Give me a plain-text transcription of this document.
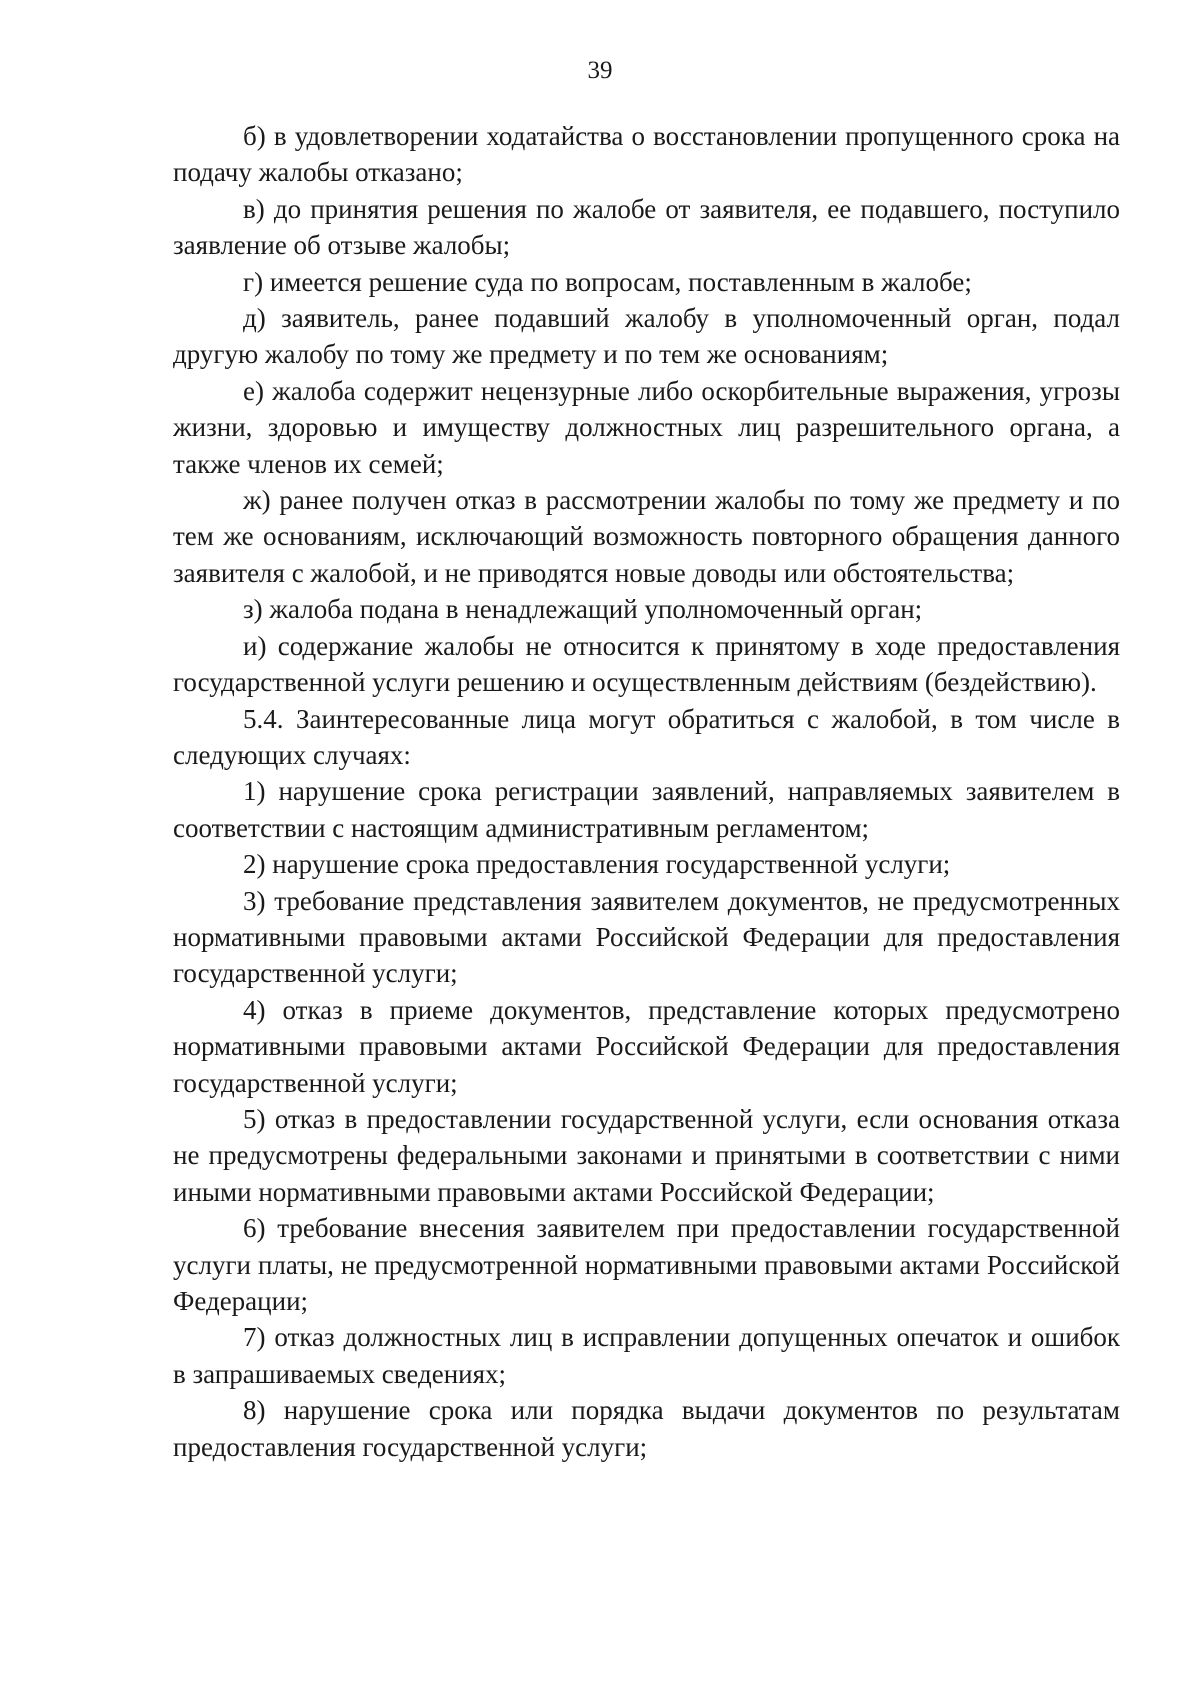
39

б) в удовлетворении ходатайства о восстановлении пропущенного срока на подачу жалобы отказано;

в) до принятия решения по жалобе от заявителя, ее подавшего, поступило заявление об отзыве жалобы;

г) имеется решение суда по вопросам, поставленным в жалобе;

д) заявитель, ранее подавший жалобу в уполномоченный орган, подал другую жалобу по тому же предмету и по тем же основаниям;

е) жалоба содержит нецензурные либо оскорбительные выражения, угрозы жизни, здоровью и имуществу должностных лиц разрешительного органа, а также членов их семей;

ж) ранее получен отказ в рассмотрении жалобы по тому же предмету и по тем же основаниям, исключающий возможность повторного обращения данного заявителя с жалобой, и не приводятся новые доводы или обстоятельства;

з) жалоба подана в ненадлежащий уполномоченный орган;

и) содержание жалобы не относится к принятому в ходе предоставления государственной услуги решению и осуществленным действиям (бездействию).

5.4. Заинтересованные лица могут обратиться с жалобой, в том числе в следующих случаях:

1) нарушение срока регистрации заявлений, направляемых заявителем в соответствии с настоящим административным регламентом;

2) нарушение срока предоставления государственной услуги;

3) требование представления заявителем документов, не предусмотренных нормативными правовыми актами Российской Федерации для предоставления государственной услуги;

4) отказ в приеме документов, представление которых предусмотрено нормативными правовыми актами Российской Федерации для предоставления государственной услуги;

5) отказ в предоставлении государственной услуги, если основания отказа не предусмотрены федеральными законами и принятыми в соответствии с ними иными нормативными правовыми актами Российской Федерации;

6) требование внесения заявителем при предоставлении государственной услуги платы, не предусмотренной нормативными правовыми актами Российской Федерации;

7) отказ должностных лиц в исправлении допущенных опечаток и ошибок в запрашиваемых сведениях;

8) нарушение срока или порядка выдачи документов по результатам предоставления государственной услуги;
